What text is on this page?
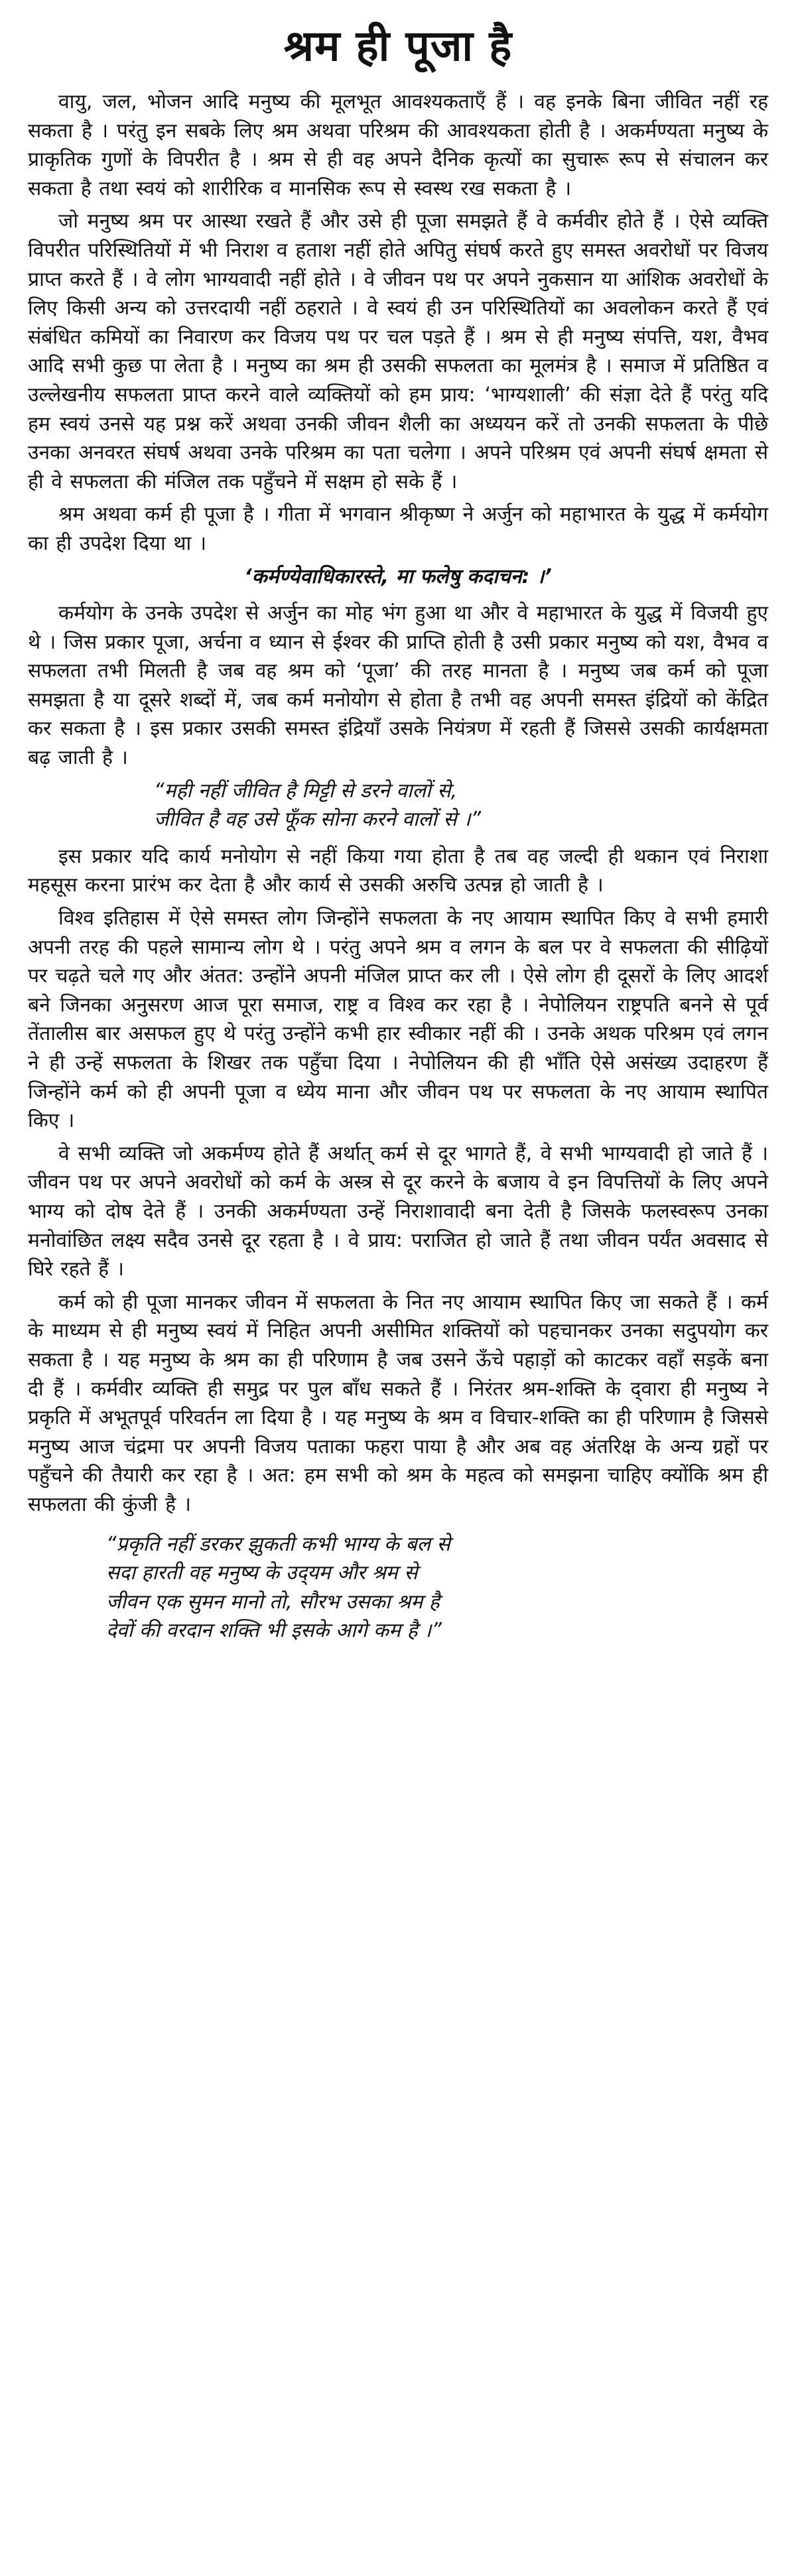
श्रम ही पूजा है

वायु, जल, भोजन आदि मनुष्य की मूलभूत आवश्यकताएँ हैं । वह इनके बिना जीवित नहीं रह सकता है । परंतु इन सबके लिए श्रम अथवा परिश्रम की आवश्यकता होती है । अकर्मण्यता मनुष्य के प्राकृतिक गुणों के विपरीत है । श्रम से ही वह अपने दैनिक कृत्यों का सुचारू रूप से संचालन कर सकता है तथा स्वयं को शारीरिक व मानसिक रूप से स्वस्थ रख सकता है ।

जो मनुष्य श्रम पर आस्था रखते हैं और उसे ही पूजा समझते हैं वे कर्मवीर होते हैं । ऐसे व्यक्ति विपरीत परिस्थितियों में भी निराश व हताश नहीं होते अपितु संघर्ष करते हुए समस्त अवरोधों पर विजय प्राप्त करते हैं । वे लोग भाग्यवादी नहीं होते । वे जीवन पथ पर अपने नुकसान या आंशिक अवरोधों के लिए किसी अन्य को उत्तरदायी नहीं ठहराते । वे स्वयं ही उन परिस्थितियों का अवलोकन करते हैं एवं संबंधित कमियों का निवारण कर विजय पथ पर चल पड़ते हैं । श्रम से ही मनुष्य संपत्ति, यश, वैभव आदि सभी कुछ पा लेता है । मनुष्य का श्रम ही उसकी सफलता का मूलमंत्र है । समाज में प्रतिष्ठित व उल्लेखनीय सफलता प्राप्त करने वाले व्यक्तियों को हम प्राय: ‘भाग्यशाली’ की संज्ञा देते हैं परंतु यदि हम स्वयं उनसे यह प्रश्न करें अथवा उनकी जीवन शैली का अध्ययन करें तो उनकी सफलता के पीछे उनका अनवरत संघर्ष अथवा उनके परिश्रम का पता चलेगा । अपने परिश्रम एवं अपनी संघर्ष क्षमता से ही वे सफलता की मंजिल तक पहुँचने में सक्षम हो सके हैं ।

श्रम अथवा कर्म ही पूजा है । गीता में भगवान श्रीकृष्ण ने अर्जुन को महाभारत के युद्ध में कर्मयोग का ही उपदेश दिया था ।

‘कर्मण्येवाधिकारस्ते, मा फलेषु कदाचन: ।’

कर्मयोग के उनके उपदेश से अर्जुन का मोह भंग हुआ था और वे महाभारत के युद्ध में विजयी हुए थे । जिस प्रकार पूजा, अर्चना व ध्यान से ईश्वर की प्राप्ति होती है उसी प्रकार मनुष्य को यश, वैभव व सफलता तभी मिलती है जब वह श्रम को ‘पूजा’ की तरह मानता है । मनुष्य जब कर्म को पूजा समझता है या दूसरे शब्दों में, जब कर्म मनोयोग से होता है तभी वह अपनी समस्त इंद्रियों को केंद्रित कर सकता है । इस प्रकार उसकी समस्त इंद्रियाँ उसके नियंत्रण में रहती हैं जिससे उसकी कार्यक्षमता बढ़ जाती है ।

“मही नहीं जीवित है मिट्टी से डरने वालों से,
जीवित है वह उसे फूँक सोना करने वालों से ।”

इस प्रकार यदि कार्य मनोयोग से नहीं किया गया होता है तब वह जल्दी ही थकान एवं निराशा महसूस करना प्रारंभ कर देता है और कार्य से उसकी अरुचि उत्पन्न हो जाती है ।

विश्व इतिहास में ऐसे समस्त लोग जिन्होंने सफलता के नए आयाम स्थापित किए वे सभी हमारी अपनी तरह की पहले सामान्य लोग थे । परंतु अपने श्रम व लगन के बल पर वे सफलता की सीढ़ियों पर चढ़ते चले गए और अंतत: उन्होंने अपनी मंजिल प्राप्त कर ली । ऐसे लोग ही दूसरों के लिए आदर्श बने जिनका अनुसरण आज पूरा समाज, राष्ट्र व विश्व कर रहा है । नेपोलियन राष्ट्रपति बनने से पूर्व तेंतालीस बार असफल हुए थे परंतु उन्होंने कभी हार स्वीकार नहीं की । उनके अथक परिश्रम एवं लगन ने ही उन्हें सफलता के शिखर तक पहुँचा दिया । नेपोलियन की ही भाँति ऐसे असंख्य उदाहरण हैं जिन्होंने कर्म को ही अपनी पूजा व ध्येय माना और जीवन पथ पर सफलता के नए आयाम स्थापित किए ।

वे सभी व्यक्ति जो अकर्मण्य होते हैं अर्थात् कर्म से दूर भागते हैं, वे सभी भाग्यवादी हो जाते हैं । जीवन पथ पर अपने अवरोधों को कर्म के अस्त्र से दूर करने के बजाय वे इन विपत्तियों के लिए अपने भाग्य को दोष देते हैं । उनकी अकर्मण्यता उन्हें निराशावादी बना देती है जिसके फलस्वरूप उनका मनोवांछित लक्ष्य सदैव उनसे दूर रहता है । वे प्राय: पराजित हो जाते हैं तथा जीवन पर्यंत अवसाद से घिरे रहते हैं ।

कर्म को ही पूजा मानकर जीवन में सफलता के नित नए आयाम स्थापित किए जा सकते हैं । कर्म के माध्यम से ही मनुष्य स्वयं में निहित अपनी असीमित शक्तियों को पहचानकर उनका सदुपयोग कर सकता है । यह मनुष्य के श्रम का ही परिणाम है जब उसने ऊँचे पहाड़ों को काटकर वहाँ सड़कें बना दी हैं । कर्मवीर व्यक्ति ही समुद्र पर पुल बाँध सकते हैं । निरंतर श्रम-शक्ति के द्‌वारा ही मनुष्य ने प्रकृति में अभूतपूर्व परिवर्तन ला दिया है । यह मनुष्य के श्रम व विचार-शक्ति का ही परिणाम है जिससे मनुष्य आज चंद्रमा पर अपनी विजय पताका फहरा पाया है और अब वह अंतरिक्ष के अन्य ग्रहों पर पहुँचने की तैयारी कर रहा है । अत: हम सभी को श्रम के महत्व को समझना चाहिए क्योंकि श्रम ही सफलता की कुंजी है ।

“प्रकृति नहीं डरकर झुकती कभी भाग्य के बल से
सदा हारती वह मनुष्य के उद्‌यम और श्रम से
जीवन एक सुमन मानो तो, सौरभ उसका श्रम है
देवों की वरदान शक्ति भी इसके आगे कम है ।”
